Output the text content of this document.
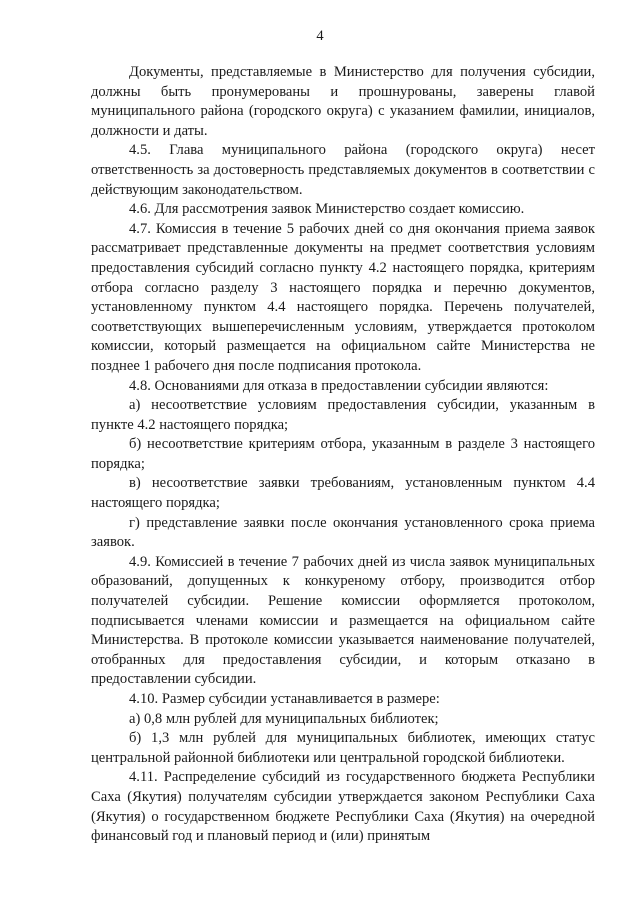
4

Документы, представляемые в Министерство для получения субсидии, должны быть пронумерованы и прошнурованы, заверены главой муниципального района (городского округа) с указанием фамилии, инициалов, должности и даты.

4.5. Глава муниципального района (городского округа) несет ответственность за достоверность представляемых документов в соответствии с действующим законодательством.

4.6. Для рассмотрения заявок Министерство создает комиссию.

4.7. Комиссия в течение 5 рабочих дней со дня окончания приема заявок рассматривает представленные документы на предмет соответствия условиям предоставления субсидий согласно пункту 4.2 настоящего порядка, критериям отбора согласно разделу 3 настоящего порядка и перечню документов, установленному пунктом 4.4 настоящего порядка. Перечень получателей, соответствующих вышеперечисленным условиям, утверждается протоколом комиссии, который размещается на официальном сайте Министерства не позднее 1 рабочего дня после подписания протокола.

4.8. Основаниями для отказа в предоставлении субсидии являются:

а) несоответствие условиям предоставления субсидии, указанным в пункте 4.2 настоящего порядка;

б) несоответствие критериям отбора, указанным в разделе 3 настоящего порядка;

в) несоответствие заявки требованиям, установленным пунктом 4.4 настоящего порядка;

г) представление заявки после окончания установленного срока приема заявок.

4.9. Комиссией в течение 7 рабочих дней из числа заявок муниципальных образований, допущенных к конкуреному отбору, производится отбор получателей субсидии. Решение комиссии оформляется протоколом, подписывается членами комиссии и размещается на официальном сайте Министерства. В протоколе комиссии указывается наименование получателей, отобранных для предоставления субсидии, и которым отказано в предоставлении субсидии.

4.10. Размер субсидии устанавливается в размере:

а) 0,8 млн рублей для муниципальных библиотек;

б) 1,3 млн рублей для муниципальных библиотек, имеющих статус центральной районной библиотеки или центральной городской библиотеки.

4.11. Распределение субсидий из государственного бюджета Республики Саха (Якутия) получателям субсидии утверждается законом Республики Саха (Якутия) о государственном бюджете Республики Саха (Якутия) на очередной финансовый год и плановый период и (или) принятым
